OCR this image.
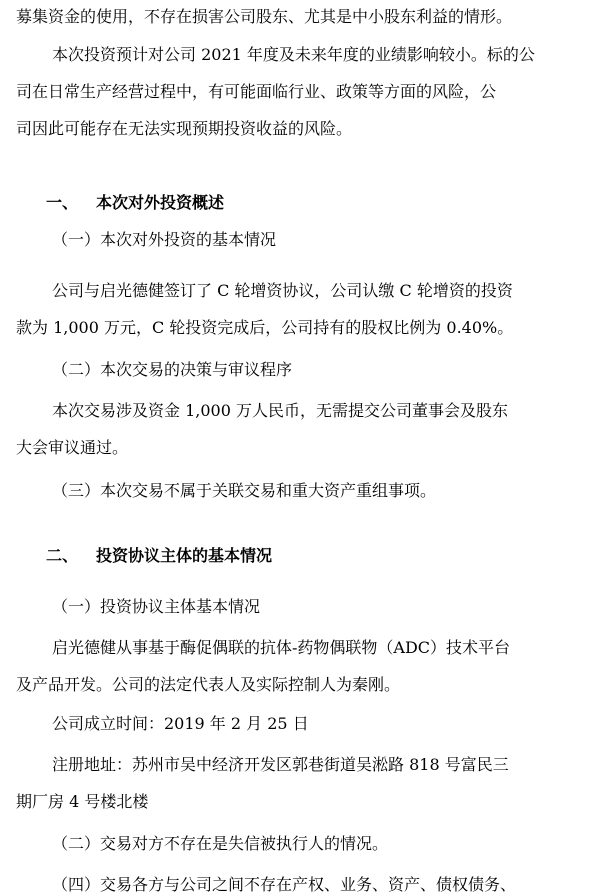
募集资金的使用，不存在损害公司股东、尤其是中小股东利益的情形。
本次投资预计对公司 2021 年度及未来年度的业绩影响较小。标的公
司在日常生产经营过程中，有可能面临行业、政策等方面的风险，公
司因此可能存在无法实现预期投资收益的风险。
一、 本次对外投资概述
（一）本次对外投资的基本情况
公司与启光德健签订了 C 轮增资协议，公司认缴 C 轮增资的投资
款为 1,000 万元，C 轮投资完成后，公司持有的股权比例为 0.40%。
（二）本次交易的决策与审议程序
本次交易涉及资金 1,000 万人民币，无需提交公司董事会及股东
大会审议通过。
（三）本次交易不属于关联交易和重大资产重组事项。
二、 投资协议主体的基本情况
（一）投资协议主体基本情况
启光德健从事基于酶促偶联的抗体-药物偶联物（ADC）技术平台
及产品开发。公司的法定代表人及实际控制人为秦刚。
公司成立时间：2019 年 2 月 25 日
注册地址：苏州市吴中经济开发区郭巷街道吴淞路 818 号富民三
期厂房 4 号楼北楼
（二）交易对方不存在是失信被执行人的情况。
（四）交易各方与公司之间不存在产权、业务、资产、债权债务、
